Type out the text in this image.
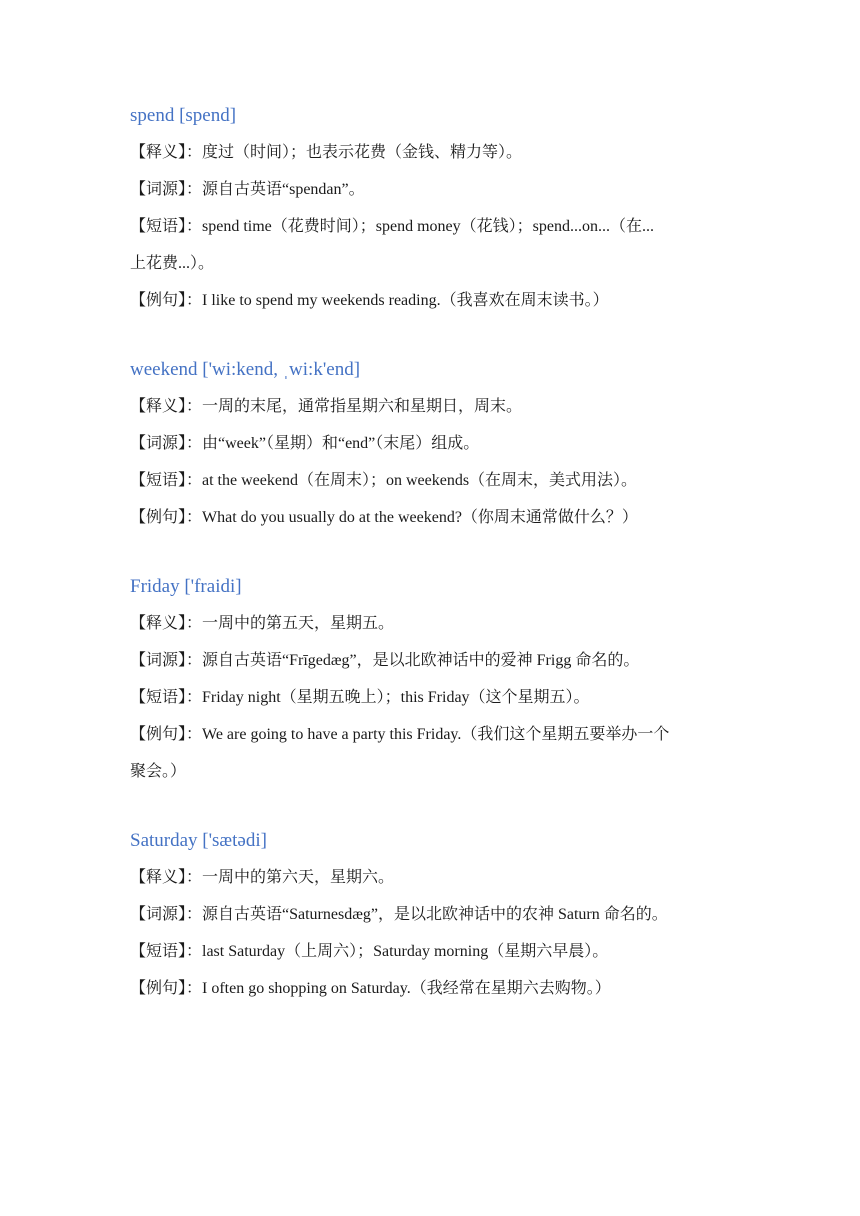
spend [spend]

【释义】：度过（时间）；也表示花费（金钱、精力等）。

【词源】：源自古英语“spendan”。

【短语】：spend time（花费时间）；spend money（花钱）；spend...on...（在...

上花费...）。

【例句】：I like to spend my weekends reading.（我喜欢在周末读书。）

weekend ['wi:kend, ˌwi:k'end]

【释义】：一周的末尾，通常指星期六和星期日，周末。

【词源】：由“week”（星期）和“end”（末尾）组成。

【短语】：at the weekend（在周末）；on weekends（在周末，美式用法）。

【例句】：What do you usually do at the weekend?（你周末通常做什么？）

Friday ['fraidi]

【释义】：一周中的第五天，星期五。

【词源】：源自古英语“Frīgedæg”，是以北欧神话中的爱神 Frigg 命名的。

【短语】：Friday night（星期五晚上）；this Friday（这个星期五）。

【例句】：We are going to have a party this Friday.（我们这个星期五要举办一个

聚会。）

Saturday ['sætədi]

【释义】：一周中的第六天，星期六。

【词源】：源自古英语“Saturnesdæg”，是以北欧神话中的农神 Saturn 命名的。

【短语】：last Saturday（上周六）；Saturday morning（星期六早晨）。

【例句】：I often go shopping on Saturday.（我经常在星期六去购物。）
